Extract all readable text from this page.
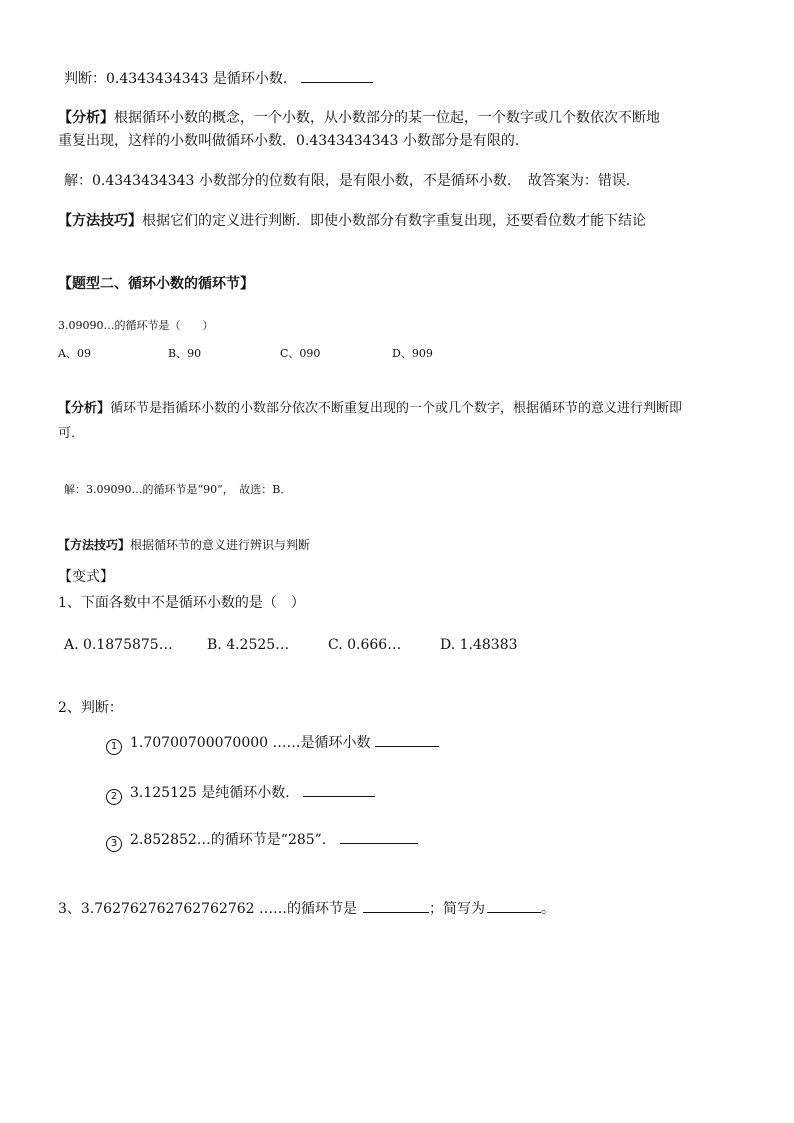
判断：0.4343434343 是循环小数．
【分析】根据循环小数的概念，一个小数，从小数部分的某一位起，一个数字或几个数依次不断地
重复出现，这样的小数叫做循环小数．0.4343434343 小数部分是有限的．
解：0.4343434343 小数部分的位数有限，是有限小数，不是循环小数．　故答案为：错误．
【方法技巧】根据它们的定义进行判断．即使小数部分有数字重复出现，还要看位数才能下结论
【题型二、循环小数的循环节】
3.09090…的循环节是（　　）
A、09	B、90	C、090	D、909
【分析】循环节是指循环小数的小数部分依次不断重复出现的一个或几个数字，根据循环节的意义进行判断即
可．
解：3.09090…的循环节是“90”，　故选：B．
【方法技巧】根据循环节的意义进行辨识与判断
【变式】
1、下面各数中不是循环小数的是（　）
A. 0.1875875… B. 4.2525…	C. 0.666…	D. 1.48383
2、判断：
1 1.70700700070000 ……是循环小数
2 3.125125 是纯循环小数．
3 2.852852…的循环节是“285”．
3、3.762762762762762762 ……的循环节是	；简写为	。
